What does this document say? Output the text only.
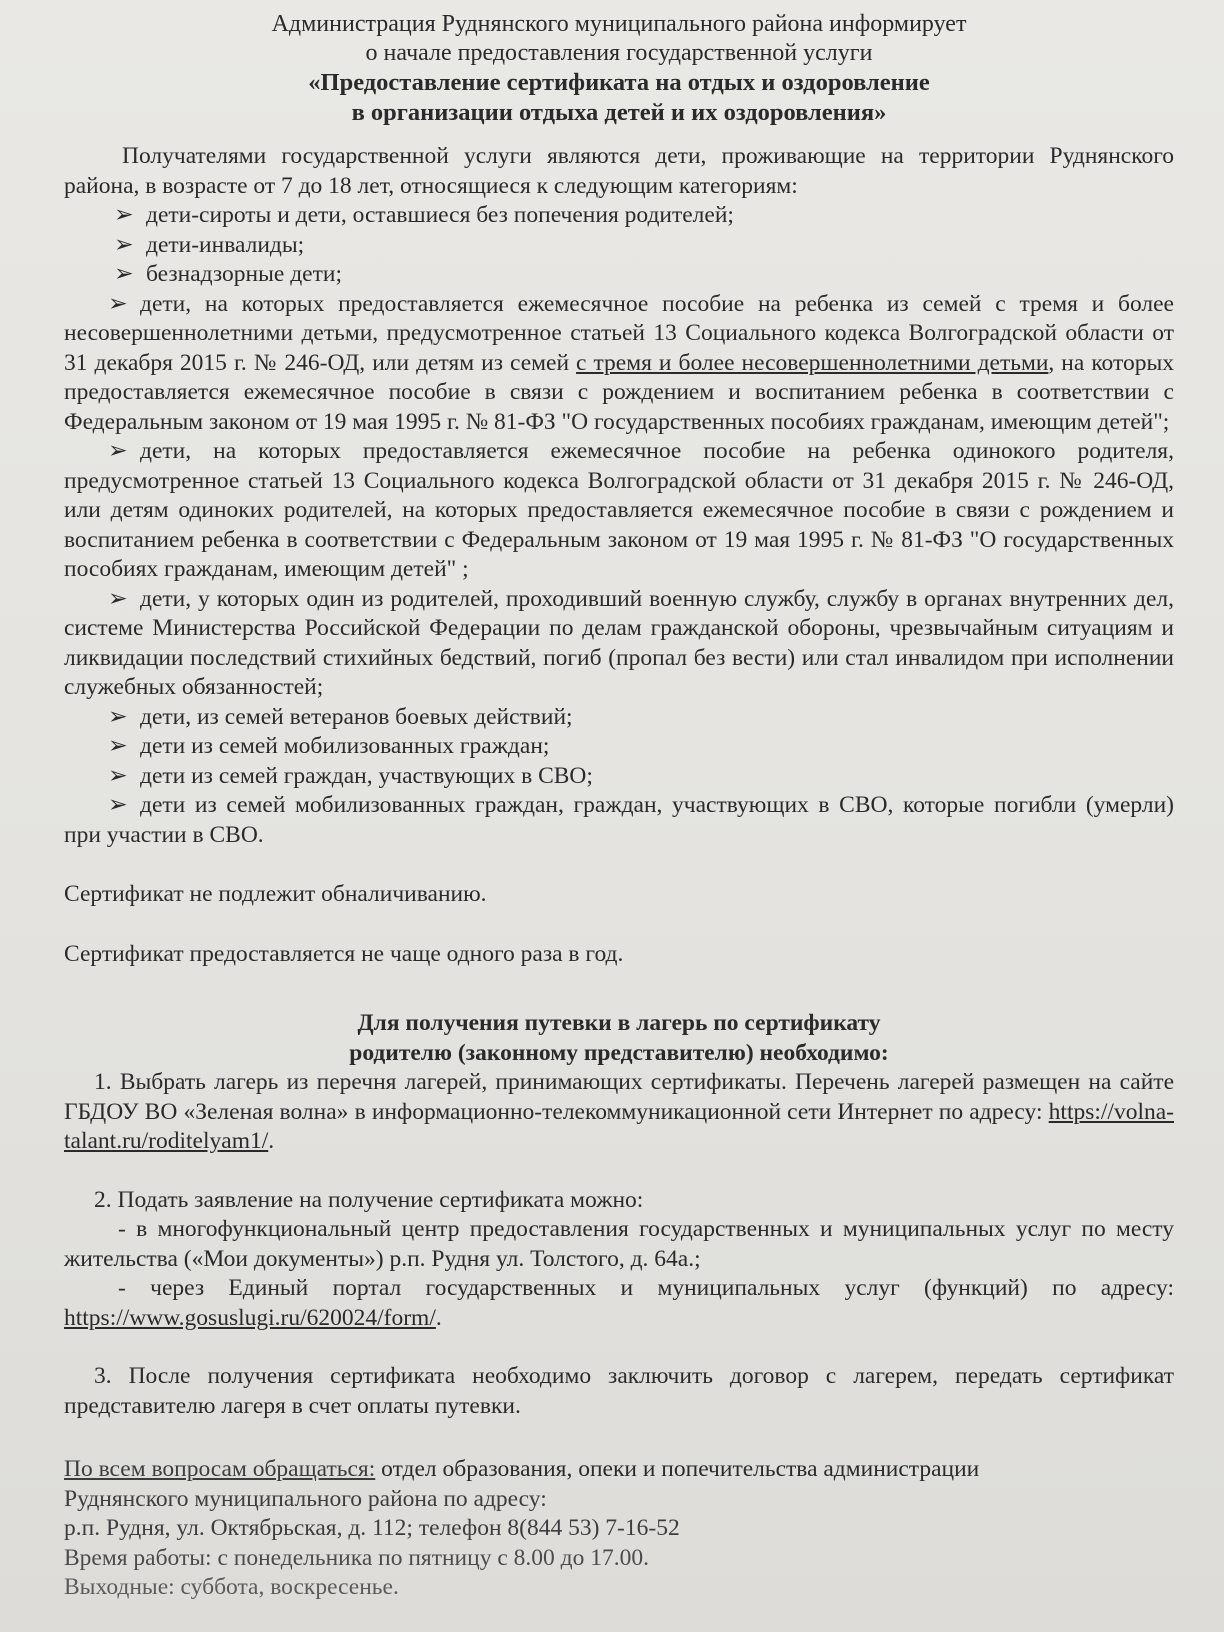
Администрация Руднянского муниципального района информирует
о начале предоставления государственной услуги
«Предоставление сертификата на отдых и оздоровление
в организации отдыха детей и их оздоровления»

Получателями государственной услуги являются дети, проживающие на территории Руднянского района, в возрасте от 7 до 18 лет, относящиеся к следующим категориям:

➢ дети-сироты и дети, оставшиеся без попечения родителей;
➢ дети-инвалиды;
➢ безнадзорные дети;
➢ дети, на которых предоставляется ежемесячное пособие на ребенка из семей с тремя и более несовершеннолетними детьми, предусмотренное статьей 13 Социального кодекса Волгоградской области от 31 декабря 2015 г. № 246-ОД, или детям из семей с тремя и более несовершеннолетними детьми, на которых предоставляется ежемесячное пособие в связи с рождением и воспитанием ребенка в соответствии с Федеральным законом от 19 мая 1995 г. № 81-ФЗ "О государственных пособиях гражданам, имеющим детей";
➢ дети, на которых предоставляется ежемесячное пособие на ребенка одинокого родителя, предусмотренное статьей 13 Социального кодекса Волгоградской области от 31 декабря 2015 г. № 246-ОД, или детям одиноких родителей, на которых предоставляется ежемесячное пособие в связи с рождением и воспитанием ребенка в соответствии с Федеральным законом от 19 мая 1995 г. № 81-ФЗ "О государственных пособиях гражданам, имеющим детей" ;
➢ дети, у которых один из родителей, проходивший военную службу, службу в органах внутренних дел, системе Министерства Российской Федерации по делам гражданской обороны, чрезвычайным ситуациям и ликвидации последствий стихийных бедствий, погиб (пропал без вести) или стал инвалидом при исполнении служебных обязанностей;
➢ дети, из семей ветеранов боевых действий;
➢ дети из семей мобилизованных граждан;
➢ дети из семей граждан, участвующих в СВО;
➢ дети из семей мобилизованных граждан, граждан, участвующих в СВО, которые погибли (умерли) при участии в СВО.

Сертификат не подлежит обналичиванию.

Сертификат предоставляется не чаще одного раза в год.

Для получения путевки в лагерь по сертификату
родителю (законному представителю) необходимо:

1. Выбрать лагерь из перечня лагерей, принимающих сертификаты. Перечень лагерей размещен на сайте ГБДОУ ВО «Зеленая волна» в информационно-телекоммуникационной сети Интернет по адресу: https://volna-talant.ru/roditelyam1/.

2. Подать заявление на получение сертификата можно:

- в многофункциональный центр предоставления государственных и муниципальных услуг по месту жительства («Мои документы») р.п. Рудня ул. Толстого, д. 64а.;

- через Единый портал государственных и муниципальных услуг (функций) по адресу: https://www.gosuslugi.ru/620024/form/.

3. После получения сертификата необходимо заключить договор с лагерем, передать сертификат представителю лагеря в счет оплаты путевки.

По всем вопросам обращаться: отдел образования, опеки и попечительства администрации

Руднянского муниципального района по адресу:

р.п. Рудня, ул. Октябрьская, д. 112; телефон 8(844 53) 7-16-52

Время работы: с понедельника по пятницу с 8.00 до 17.00.

Выходные: суббота, воскресенье.
